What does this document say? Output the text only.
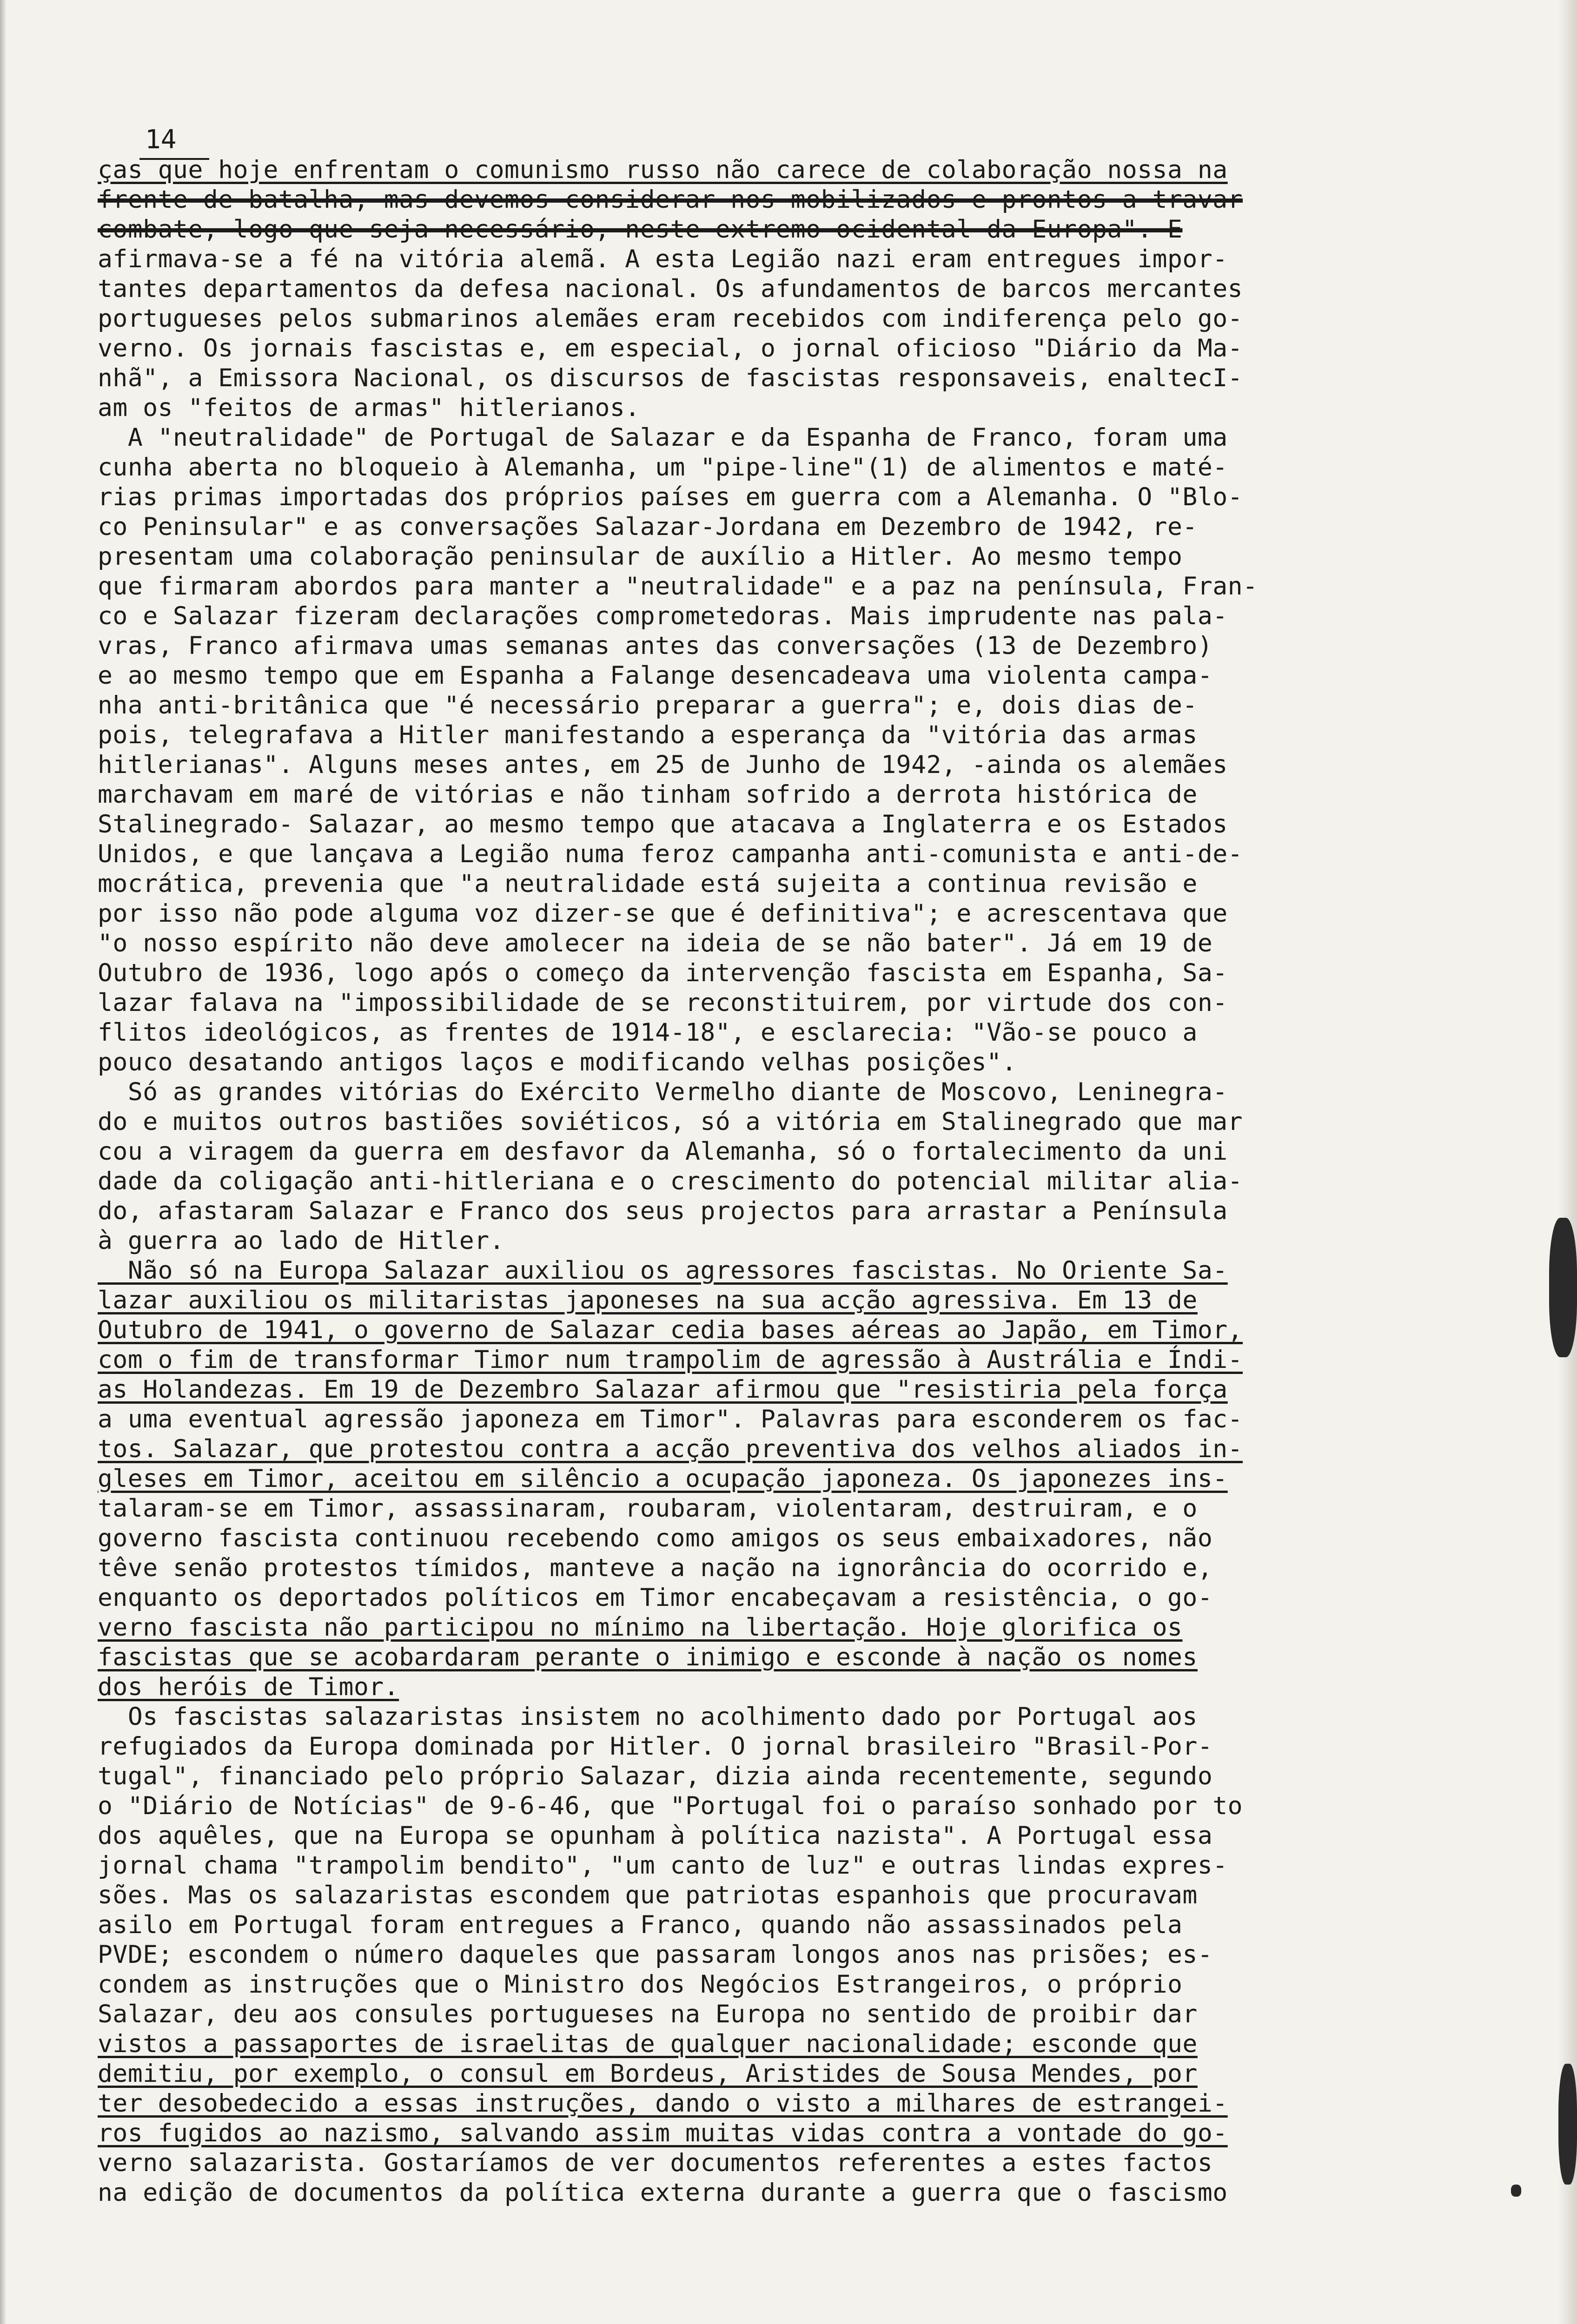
14
ças que hoje enfrentam o comunismo russo não carece de colaboração nossa na
frente de batalha, mas devemos considerar-nos mobilizados e prontos a travar
combate, logo que seja necessário, neste extremo ocidental da Europa". E
afirmava-se a fé na vitória alemã. A esta Legião nazi eram entregues impor-
tantes departamentos da defesa nacional. Os afundamentos de barcos mercantes
portugueses pelos submarinos alemães eram recebidos com indiferença pelo go-
verno. Os jornais fascistas e, em especial, o jornal oficioso "Diário da Ma-
nhã", a Emissora Nacional, os discursos de fascistas responsaveis, enaltecI-
am os "feitos de armas" hitlerianos.
A "neutralidade" de Portugal de Salazar e da Espanha de Franco, foram uma
cunha aberta no bloqueio à Alemanha, um "pipe-line"(1) de alimentos e maté-
rias primas importadas dos próprios países em guerra com a Alemanha. O "Blo-
co Peninsular" e as conversações Salazar-Jordana em Dezembro de 1942, re-
presentam uma colaboração peninsular de auxílio a Hitler. Ao mesmo tempo
que firmaram abordos para manter a "neutralidade" e a paz na península, Fran-
co e Salazar fizeram declarações comprometedoras. Mais imprudente nas pala-
vras, Franco afirmava umas semanas antes das conversações (13 de Dezembro)
e ao mesmo tempo que em Espanha a Falange desencadeava uma violenta campa-
nha anti-britânica que "é necessário preparar a guerra"; e, dois dias de-
pois, telegrafava a Hitler manifestando a esperança da "vitória das armas
hitlerianas". Alguns meses antes, em 25 de Junho de 1942, -ainda os alemães
marchavam em maré de vitórias e não tinham sofrido a derrota histórica de
Stalinegrado- Salazar, ao mesmo tempo que atacava a Inglaterra e os Estados
Unidos, e que lançava a Legião numa feroz campanha anti-comunista e anti-de-
mocrática, prevenia que "a neutralidade está sujeita a continua revisão e
por isso não pode alguma voz dizer-se que é definitiva"; e acrescentava que
"o nosso espírito não deve amolecer na ideia de se não bater". Já em 19 de
Outubro de 1936, logo após o começo da intervenção fascista em Espanha, Sa-
lazar falava na "impossibilidade de se reconstituirem, por virtude dos con-
flitos ideológicos, as frentes de 1914-18", e esclarecia: "Vão-se pouco a
pouco desatando antigos laços e modificando velhas posições".
Só as grandes vitórias do Exército Vermelho diante de Moscovo, Leninegra-
do e muitos outros bastiões soviéticos, só a vitória em Stalinegrado que mar
cou a viragem da guerra em desfavor da Alemanha, só o fortalecimento da uni
dade da coligação anti-hitleriana e o crescimento do potencial militar alia-
do, afastaram Salazar e Franco dos seus projectos para arrastar a Península
à guerra ao lado de Hitler.
Não só na Europa Salazar auxiliou os agressores fascistas. No Oriente Sa-
lazar auxiliou os militaristas japoneses na sua acção agressiva. Em 13 de
Outubro de 1941, o governo de Salazar cedia bases aéreas ao Japão, em Timor,
com o fim de transformar Timor num trampolim de agressão à Austrália e Índi-
as Holandezas. Em 19 de Dezembro Salazar afirmou que "resistiria pela força
a uma eventual agressão japoneza em Timor". Palavras para esconderem os fac-
tos. Salazar, que protestou contra a acção preventiva dos velhos aliados in-
gleses em Timor, aceitou em silêncio a ocupação japoneza. Os japonezes ins-
talaram-se em Timor, assassinaram, roubaram, violentaram, destruiram, e o
governo fascista continuou recebendo como amigos os seus embaixadores, não
têve senão protestos tímidos, manteve a nação na ignorância do ocorrido e,
enquanto os deportados políticos em Timor encabeçavam a resistência, o go-
verno fascista não participou no mínimo na libertação. Hoje glorifica os
fascistas que se acobardaram perante o inimigo e esconde à nação os nomes
dos heróis de Timor.
Os fascistas salazaristas insistem no acolhimento dado por Portugal aos
refugiados da Europa dominada por Hitler. O jornal brasileiro "Brasil-Por-
tugal", financiado pelo próprio Salazar, dizia ainda recentemente, segundo
o "Diário de Notícias" de 9-6-46, que "Portugal foi o paraíso sonhado por to
dos aquêles, que na Europa se opunham à política nazista". A Portugal essa
jornal chama "trampolim bendito", "um canto de luz" e outras lindas expres-
sões. Mas os salazaristas escondem que patriotas espanhois que procuravam
asilo em Portugal foram entregues a Franco, quando não assassinados pela
PVDE; escondem o número daqueles que passaram longos anos nas prisões; es-
condem as instruções que o Ministro dos Negócios Estrangeiros, o próprio
Salazar, deu aos consules portugueses na Europa no sentido de proibir dar
vistos a passaportes de israelitas de qualquer nacionalidade; esconde que
demitiu, por exemplo, o consul em Bordeus, Aristides de Sousa Mendes, por
ter desobedecido a essas instruções, dando o visto a milhares de estrangei-
ros fugidos ao nazismo, salvando assim muitas vidas contra a vontade do go-
verno salazarista. Gostaríamos de ver documentos referentes a estes factos
na edição de documentos da política externa durante a guerra que o fascismo
